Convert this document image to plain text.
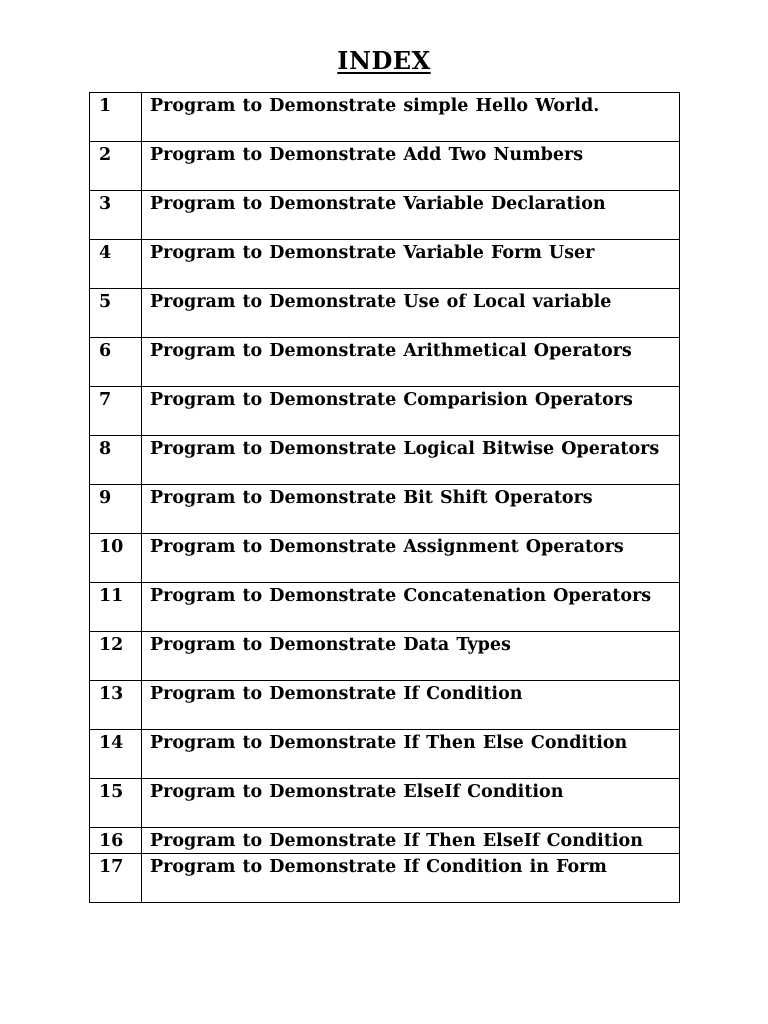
INDEX
1	Program to Demonstrate simple Hello World.
2	Program to Demonstrate Add Two Numbers
3	Program to Demonstrate Variable Declaration
4	Program to Demonstrate Variable Form User
5	Program to Demonstrate Use of Local variable
6	Program to Demonstrate Arithmetical Operators
7	Program to Demonstrate Comparision Operators
8	Program to Demonstrate Logical Bitwise Operators
9	Program to Demonstrate Bit Shift Operators
10	Program to Demonstrate Assignment Operators
11	Program to Demonstrate Concatenation Operators
12	Program to Demonstrate Data Types
13	Program to Demonstrate If Condition
14	Program to Demonstrate If Then Else Condition
15	Program to Demonstrate ElseIf Condition
16	Program to Demonstrate If Then ElseIf Condition
17	Program to Demonstrate If Condition in Form
